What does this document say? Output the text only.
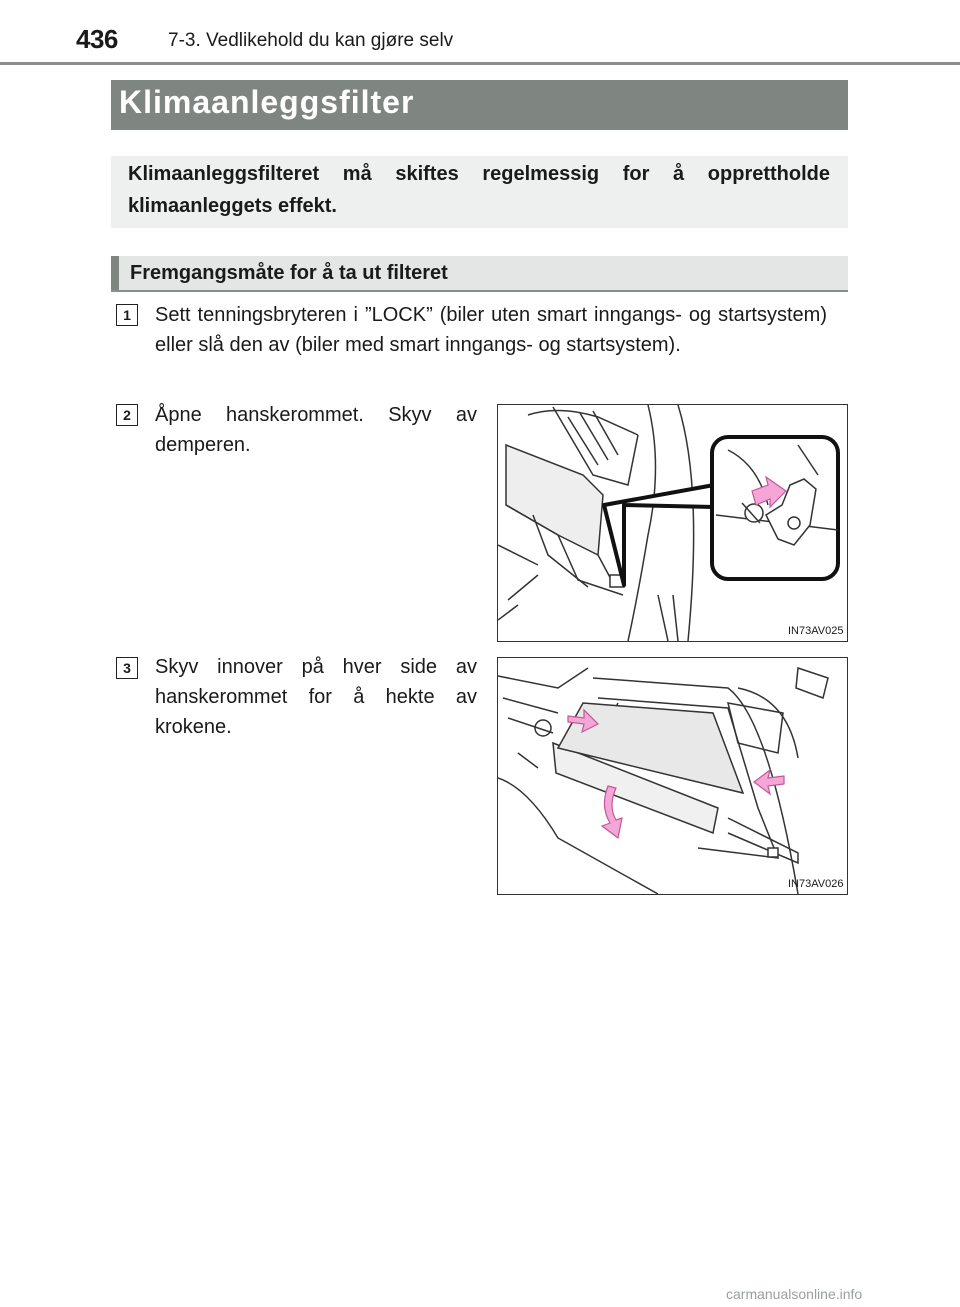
436	7-3. Vedlikehold du kan gjøre selv
Klimaanleggsfilter
Klimaanleggsfilteret må skiftes regelmessig for å opprettholde klimaanleggets effekt.
Fremgangsmåte for å ta ut filteret
1	Sett tenningsbryteren i ”LOCK” (biler uten smart inngangs- og startsystem) eller slå den av (biler med smart inngangs- og startsystem).
2	Åpne hanskerommet. Skyv av demperen.
IN73AV025
3	Skyv innover på hver side av hanskerommet for å hekte av krokene.
IN73AV026
carmanualsonline.info
